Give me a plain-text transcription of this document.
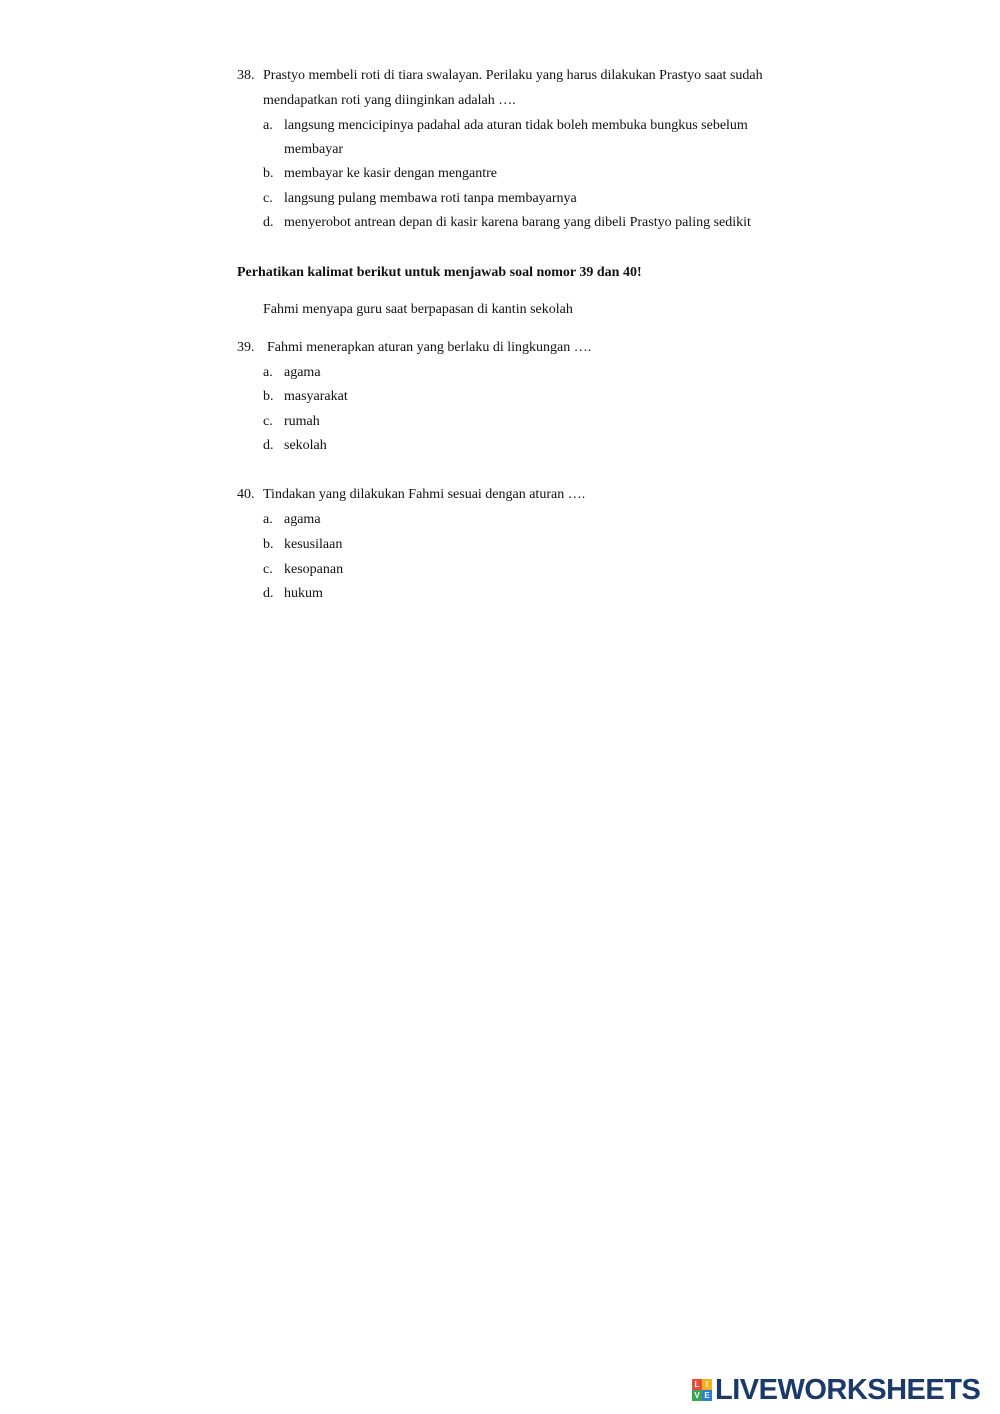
38. Prastyo membeli roti di tiara swalayan. Perilaku yang harus dilakukan Prastyo saat sudah
mendapatkan roti yang diinginkan adalah ….
a. langsung mencicipinya padahal ada aturan tidak boleh membuka bungkus sebelum
membayar
b. membayar ke kasir dengan mengantre
c. langsung pulang membawa roti tanpa membayarnya
d. menyerobot antrean depan di kasir karena barang yang dibeli Prastyo paling sedikit
Perhatikan kalimat berikut untuk menjawab soal nomor 39 dan 40!
Fahmi menyapa guru saat berpapasan di kantin sekolah
39. Fahmi menerapkan aturan yang berlaku di lingkungan ….
a. agama
b. masyarakat
c. rumah
d. sekolah
40. Tindakan yang dilakukan Fahmi sesuai dengan aturan ….
a. agama
b. kesusilaan
c. kesopanan
d. hukum
L I
V E LIVEWORKSHEETS
